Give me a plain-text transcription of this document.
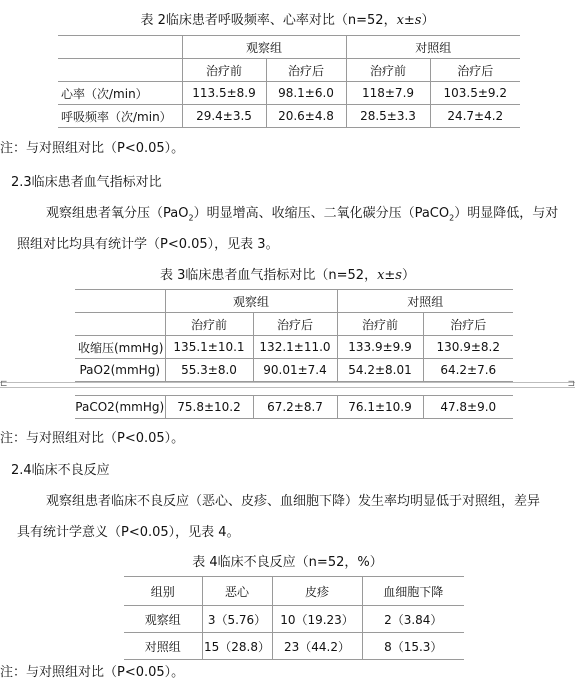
表 2临床患者呼吸频率、心率对比（n=52，x±s）
	观察组		对照组	
	治疗前	治疗后	治疗前	治疗后
心率（次/min）	113.5±8.9	98.1±6.0	118±7.9	103.5±9.2
呼吸频率（次/min）	29.4±3.5	20.6±4.8	28.5±3.3	24.7±4.2
注：与对照组对比（P<0.05）。
2.3临床患者血气指标对比
观察组患者氧分压（PaO$_2$）明显增高、收缩压、二氧化碳分压（PaCO$_2$）明显降低，与对
照组对比均具有统计学（P<0.05），见表 3。
表 3临床患者血气指标对比（n=52，x±s）
	观察组		对照组	
	治疗前	治疗后	治疗前	治疗后
收缩压(mmHg)	135.1±10.1	132.1±11.0	133.9±9.9	130.9±8.2
PaO2(mmHg)	55.3±8.0	90.01±7.4	54.2±8.01	64.2±7.6
⊏	⊐
PaCO2(mmHg)	75.8±10.2	67.2±8.7	76.1±10.9	47.8±9.0
注：与对照组对比（P<0.05）。
2.4临床不良反应
观察组患者临床不良反应（恶心、皮疹、血细胞下降）发生率均明显低于对照组，差异
具有统计学意义（P<0.05），见表 4。
表 4临床不良反应（n=52，%）
组别	恶心	皮疹	血细胞下降
观察组	3（5.76）	10（19.23）	2（3.84）
对照组	15（28.8）	23（44.2）	8（15.3）
注：与对照组对比（P<0.05）。
